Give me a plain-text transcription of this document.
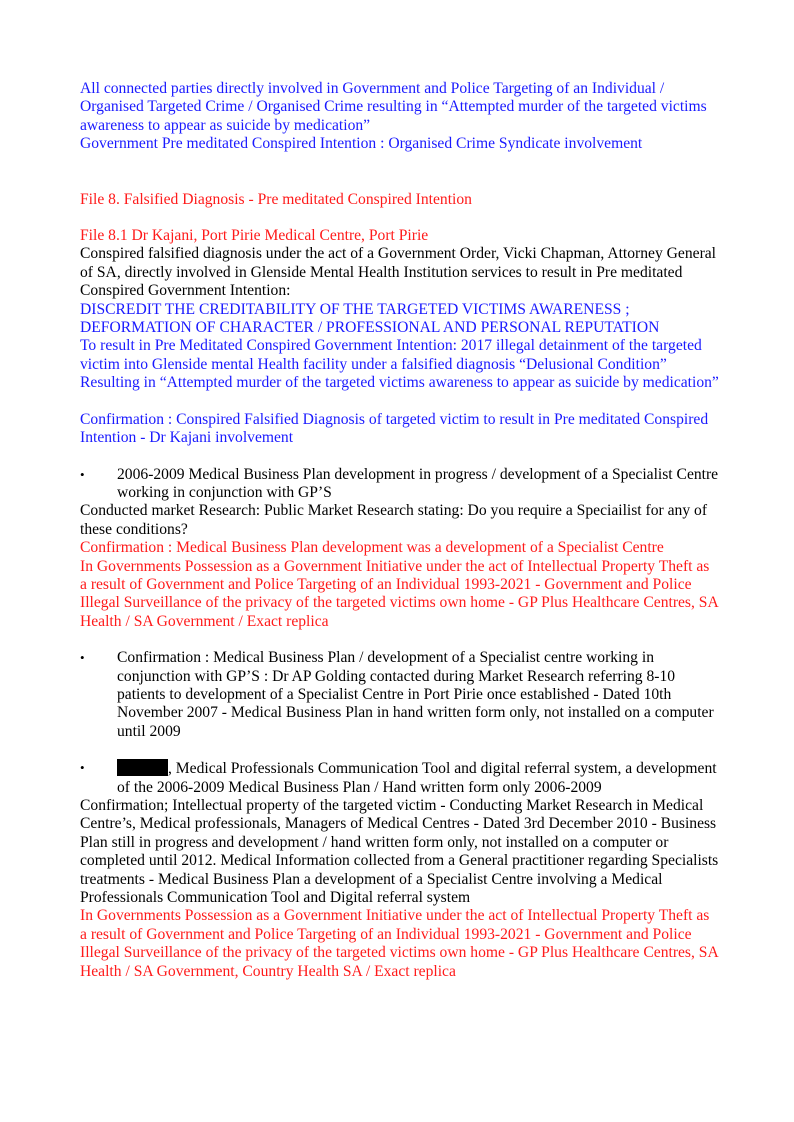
All connected parties directly involved in Government and Police Targeting of an Individual / Organised Targeted Crime / Organised Crime resulting in “Attempted murder of the targeted victims awareness to appear as suicide by medication”

Government Pre meditated Conspired Intention : Organised Crime Syndicate involvement

File 8. Falsified Diagnosis - Pre meditated Conspired Intention

File 8.1 Dr Kajani, Port Pirie Medical Centre, Port Pirie

Conspired falsified diagnosis under the act of a Government Order, Vicki Chapman, Attorney General of SA, directly involved in Glenside Mental Health Institution services to result in Pre meditated Conspired Government Intention:

DISCREDIT THE CREDITABILITY OF THE TARGETED VICTIMS AWARENESS ;

DEFORMATION OF CHARACTER / PROFESSIONAL AND PERSONAL REPUTATION

To result in Pre Meditated Conspired Government Intention: 2017 illegal detainment of the targeted victim into Glenside mental Health facility under a falsified diagnosis “Delusional Condition”

Resulting in “Attempted murder of the targeted victims awareness to appear as suicide by medication”

Confirmation : Conspired Falsified Diagnosis of targeted victim to result in Pre meditated Conspired Intention - Dr Kajani involvement

•

2006-2009 Medical Business Plan development in progress / development of a Specialist Centre working in conjunction with GP’S

Conducted market Research: Public Market Research stating: Do you require a Speciailist for any of these conditions?

Confirmation : Medical Business Plan development was a development of a Specialist Centre

In Governments Possession as a Government Initiative under the act of Intellectual Property Theft as a result of Government and Police Targeting of an Individual 1993-2021 - Government and Police Illegal Surveillance of the privacy of the targeted victims own home - GP Plus Healthcare Centres, SA Health / SA Government / Exact replica

•

Confirmation : Medical Business Plan / development of a Specialist centre working in conjunction with GP’S : Dr AP Golding contacted during Market Research referring 8-10 patients to development of a Specialist Centre in Port Pirie once established - Dated 10th November 2007 - Medical Business Plan in hand written form only, not installed on a computer until 2009

•

, Medical Professionals Communication Tool and digital referral system, a development of the 2006-2009 Medical Business Plan / Hand written form only 2006-2009

Confirmation; Intellectual property of the targeted victim - Conducting Market Research in Medical Centre’s, Medical professionals, Managers of Medical Centres - Dated 3rd December 2010 - Business Plan still in progress and development / hand written form only, not installed on a computer or completed until 2012. Medical Information collected from a General practitioner regarding Specialists treatments - Medical Business Plan a development of a Specialist Centre involving a Medical Professionals Communication Tool and Digital referral system

In Governments Possession as a Government Initiative under the act of Intellectual Property Theft as a result of Government and Police Targeting of an Individual 1993-2021 - Government and Police Illegal Surveillance of the privacy of the targeted victims own home - GP Plus Healthcare Centres, SA Health / SA Government, Country Health SA / Exact replica
